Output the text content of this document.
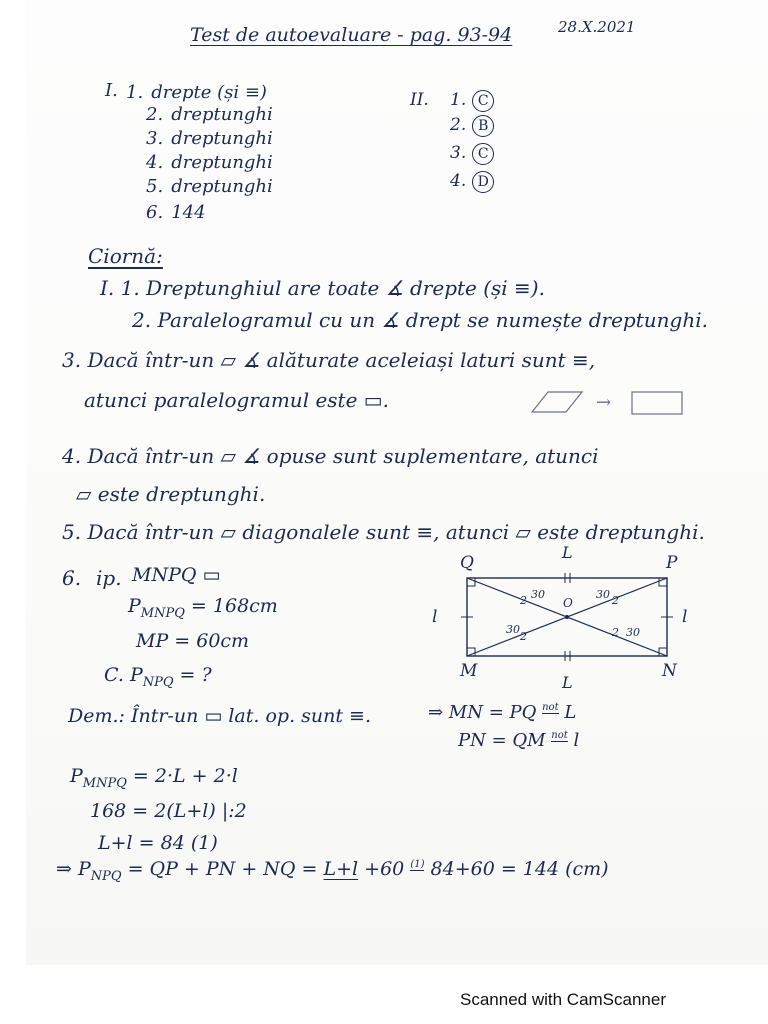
Test de autoevaluare - pag. 93-94	28.X.2021
I. 1. drepte (și ≡)
2. dreptunghi
3. dreptunghi
4. dreptunghi
5. dreptunghi
6. 144
II. 1. C
2. B
3. C
4. D
Ciornă:
I. 1. Dreptunghiul are toate ∡ drepte (și ≡).
2. Paralelogramul cu un ∡ drept se numește dreptunghi.
3. Dacă într-un ▱ ∡ alăturate aceleiași laturi sunt ≡,
atunci paralelogramul este ▭.	→
4. Dacă într-un ▱ ∡ opuse sunt suplementare, atunci
▱ este dreptunghi.
5. Dacă într-un ▱ diagonalele sunt ≡, atunci ▱ este dreptunghi.
6. ip. MNPQ ▭
$P_{MNPQ} = 168cm$
MP = 60cm
C. $P_{NPQ}$ = ?
Q	P
M	N
O
L
L
l	l
30	30
30	30
2	2
2	2
Dem.: Într-un ▭ lat. op. sunt ≡.	⇒ MN = PQ not L
PN = QM not l
$P_{MNPQ} = 2\cdot L + 2\cdot l$
168 = 2(L+l) |:2
L+l = 84 (1)
⇒ $P_{NPQ}$ = QP + PN + NQ = L+l +60 (1) 84+60 = 144 (cm)
Scanned with CamScanner
